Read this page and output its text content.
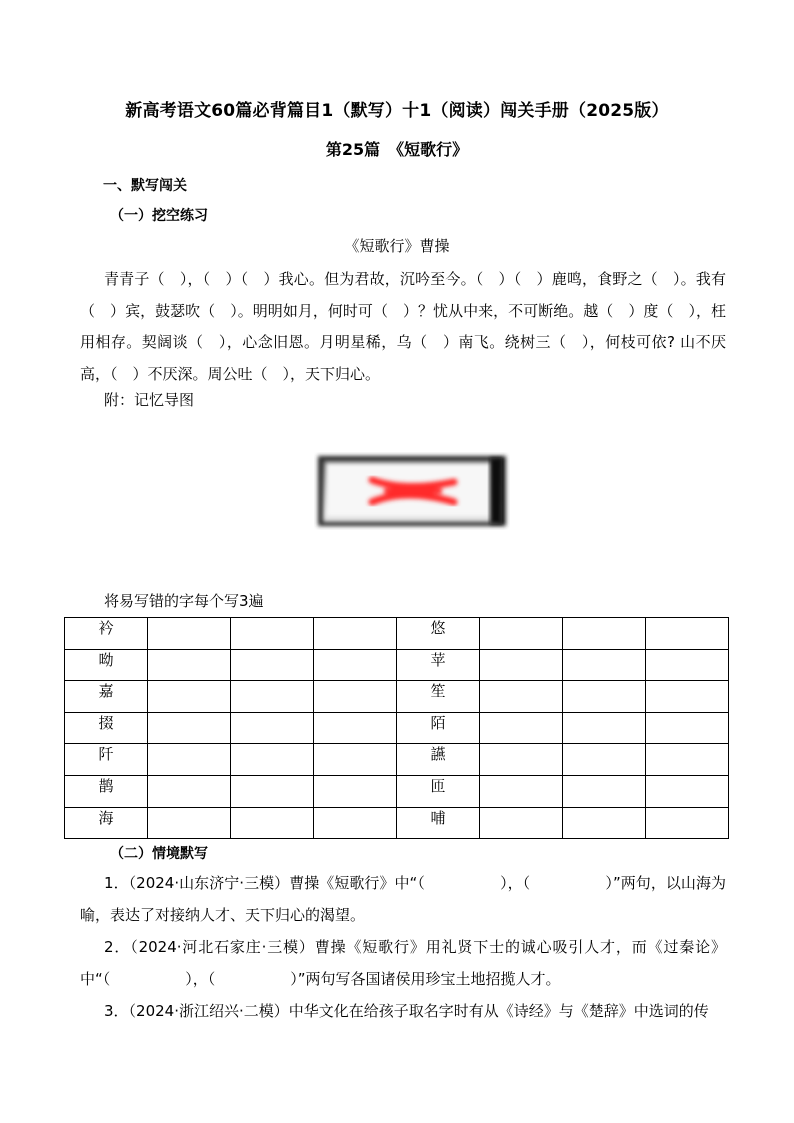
新高考语文60篇必背篇目1（默写）十1（阅读）闯关手册（2025版）
第25篇　《短歌行》
一、默写闯关
（一）挖空练习
《短歌行》曹操

青青子（　），（　）（　）我心。但为君故，沉吟至今。（　）（　）鹿鸣，食野之（　）。我有（　）宾，鼓瑟吹（　）。明明如月，何时可（　）？忧从中来，不可断绝。越（　）度（　），枉用相存。契阔谈（　），心念旧恩。月明星稀，乌（　）南飞。绕树三（　），何枝可依? 山不厌高，（　）不厌深。周公吐（　），天下归心。

附：记忆导图
将易写错的字每个写3遍
衿				悠			
呦				苹			
嘉				笙			
掇				陌			
阡				讌			
鹊				匝			
海				哺			
（二）情境默写

1．（2024·山东济宁·三模）曹操《短歌行》中“（　　　　　），（　　　　　）”两句，以山海为喻，表达了对接纳人才、天下归心的渴望。

2．（2024·河北石家庄·三模）曹操《短歌行》用礼贤下士的诚心吸引人才，而《过秦论》中“（　　　　　），（　　　　　）”两句写各国诸侯用珍宝土地招揽人才。

3．（2024·浙江绍兴·二模）中华文化在给孩子取名字时有从《诗经》与《楚辞》中选词的传
